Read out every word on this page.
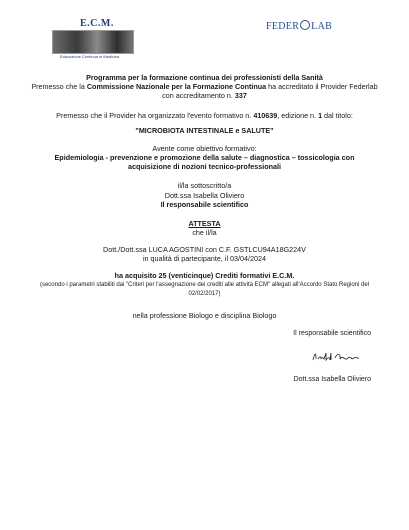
E.C.M.
Educazione Continua in Medicina
FEDER LAB
Programma per la formazione continua dei professionisti della Sanità
Premesso che la Commissione Nazionale per la Formazione Continua ha accreditato il Provider Federlab
con accreditamento n. 337
Premesso che il Provider ha organizzato l'evento formativo n. 410639, edizione n. 1 dal titolo:
"MICROBIOTA INTESTINALE e SALUTE"
Avente come obiettivo formativo:
Epidemiologia - prevenzione e promozione della salute – diagnostica – tossicologia con
acquisizione di nozioni tecnico-professionali
il/la sottoscritto/a
Dott.ssa Isabella Oliviero
Il responsabile scientifico
ATTESTA
che il/la
Dott./Dott.ssa LUCA AGOSTINI con C.F. GSTLCU94A18G224V
in qualità di partecipante, il 03/04/2024
ha acquisito 25 (venticinque) Crediti formativi E.C.M.
(secondo i parametri stabiliti dai "Criteri per l'assegnazione dei crediti alle attività ECM" allegati all'Accordo Stato Regioni del
02/02/2017)
nella professione Biologo e disciplina Biologo
Il responsabile scientifico
Dott.ssa Isabella Oliviero
